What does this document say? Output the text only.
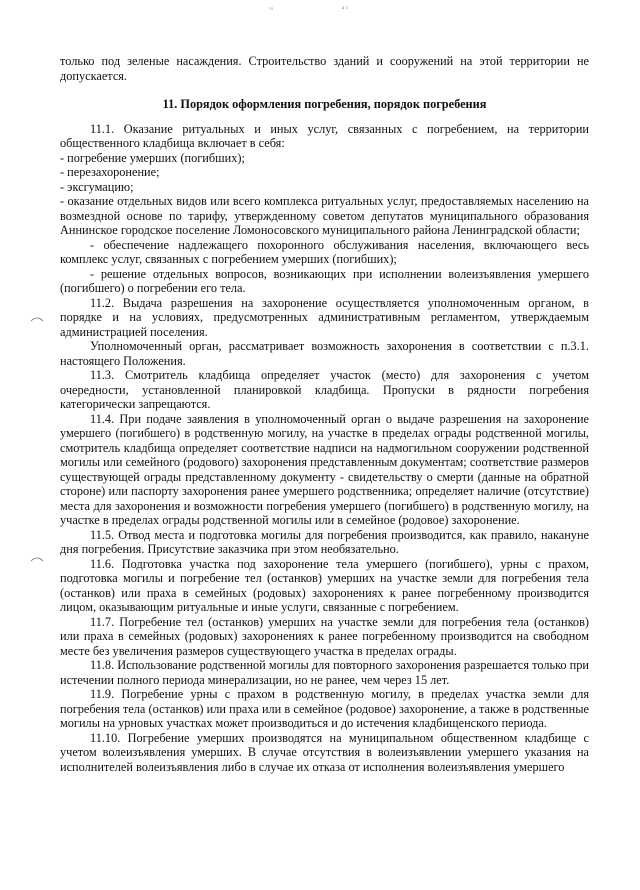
·◦	ᵃ ᵗ

только под зеленые насаждения. Строительство зданий и сооружений на этой территории не допускается.

11. Порядок оформления погребения, порядок погребения

11.1. Оказание ритуальных и иных услуг, связанных с погребением, на территории общественного кладбища включает в себя:

- погребение умерших (погибших);

- перезахоронение;

- эксгумацию;

- оказание отдельных видов или всего комплекса ритуальных услуг, предоставляемых населению на возмездной основе по тарифу, утвержденному советом депутатов муниципального образования Аннинское городское поселение Ломоносовского муниципального района Ленинградской области;

- обеспечение надлежащего похоронного обслуживания населения, включающего весь комплекс услуг, связанных с погребением умерших (погибших);

- решение отдельных вопросов, возникающих при исполнении волеизъявления умершего (погибшего) о погребении его тела.

11.2. Выдача разрешения на захоронение осуществляется уполномоченным органом, в порядке и на условиях, предусмотренных административным регламентом, утверждаемым администрацией поселения.

Уполномоченный орган, рассматривает возможность захоронения в соответствии с п.3.1. настоящего Положения.

11.3. Смотритель кладбища определяет участок (место) для захоронения с учетом очередности, установленной планировкой кладбища. Пропуски в рядности погребения категорически запрещаются.

11.4. При подаче заявления в уполномоченный орган о выдаче разрешения на захоронение умершего (погибшего) в родственную могилу, на участке в пределах ограды родственной могилы, смотритель кладбища определяет соответствие надписи на надмогильном сооружении родственной могилы или семейного (родового) захоронения представленным документам; соответствие размеров существующей ограды представленному документу - свидетельству о смерти (данные на обратной стороне) или паспорту захоронения ранее умершего родственника; определяет наличие (отсутствие) места для захоронения и возможности погребения умершего (погибшего) в родственную могилу, на участке в пределах ограды родственной могилы или в семейное (родовое) захоронение.

11.5. Отвод места и подготовка могилы для погребения производится, как правило, накануне дня погребения. Присутствие заказчика при этом необязательно.

11.6. Подготовка участка под захоронение тела умершего (погибшего), урны с прахом, подготовка могилы и погребение тел (останков) умерших на участке земли для погребения тела (останков) или праха в семейных (родовых) захоронениях к ранее погребенному производится лицом, оказывающим ритуальные и иные услуги, связанные с погребением.

11.7. Погребение тел (останков) умерших на участке земли для погребения тела (останков) или праха в семейных (родовых) захоронениях к ранее погребенному производится на свободном месте без увеличения размеров существующего участка в пределах ограды.

11.8. Использование родственной могилы для повторного захоронения разрешается только при истечении полного периода минерализации, но не ранее, чем через 15 лет.

11.9. Погребение урны с прахом в родственную могилу, в пределах участка земли для погребения тела (останков) или праха или в семейное (родовое) захоронение, а также в родственные могилы на урновых участках может производиться и до истечения кладбищенского периода.

11.10. Погребение умерших производятся на муниципальном общественном кладбище с учетом волеизъявления умерших. В случае отсутствия в волеизъявлении умершего указания на исполнителей волеизъявления либо в случае их отказа от исполнения волеизъявления умершего
